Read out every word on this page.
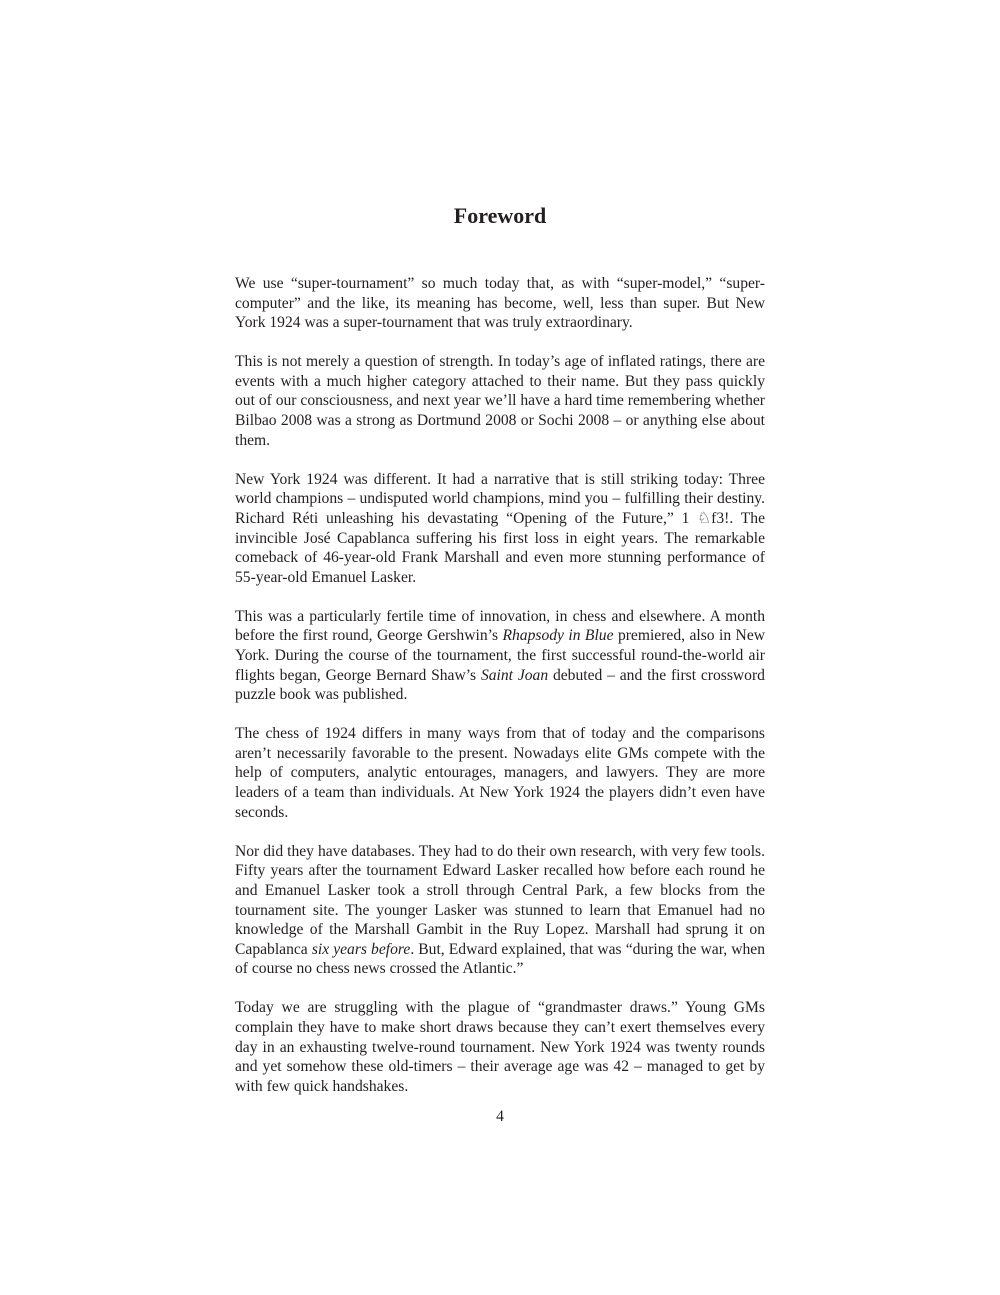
Foreword

We use “super-tournament” so much today that, as with “super-model,” “super-computer” and the like, its meaning has become, well, less than super. But New York 1924 was a super-tournament that was truly extraordinary.

This is not merely a question of strength. In today’s age of inflated ratings, there are events with a much higher category attached to their name. But they pass quickly out of our consciousness, and next year we’ll have a hard time remembering whether Bilbao 2008 was a strong as Dortmund 2008 or Sochi 2008 – or anything else about them.

New York 1924 was different. It had a narrative that is still striking today: Three world champions – undisputed world champions, mind you – fulfilling their destiny. Richard Réti unleashing his devastating “Opening of the Future,” 1 ♘f3!. The invincible José Capablanca suffering his first loss in eight years. The remarkable comeback of 46-year-old Frank Marshall and even more stunning performance of 55-year-old Emanuel Lasker.

This was a particularly fertile time of innovation, in chess and elsewhere. A month before the first round, George Gershwin’s Rhapsody in Blue premiered, also in New York. During the course of the tournament, the first successful round-the-world air flights began, George Bernard Shaw’s Saint Joan debuted – and the first crossword puzzle book was published.

The chess of 1924 differs in many ways from that of today and the comparisons aren’t necessarily favorable to the present. Nowadays elite GMs compete with the help of computers, analytic entourages, managers, and lawyers. They are more leaders of a team than individuals. At New York 1924 the players didn’t even have seconds.

Nor did they have databases. They had to do their own research, with very few tools. Fifty years after the tournament Edward Lasker recalled how before each round he and Emanuel Lasker took a stroll through Central Park, a few blocks from the tournament site. The younger Lasker was stunned to learn that Emanuel had no knowledge of the Marshall Gambit in the Ruy Lopez. Marshall had sprung it on Capablanca six years before. But, Edward explained, that was “during the war, when of course no chess news crossed the Atlantic.”

Today we are struggling with the plague of “grandmaster draws.” Young GMs complain they have to make short draws because they can’t exert themselves every day in an exhausting twelve-round tournament. New York 1924 was twenty rounds and yet somehow these old-timers – their average age was 42 – managed to get by with few quick handshakes.

4
